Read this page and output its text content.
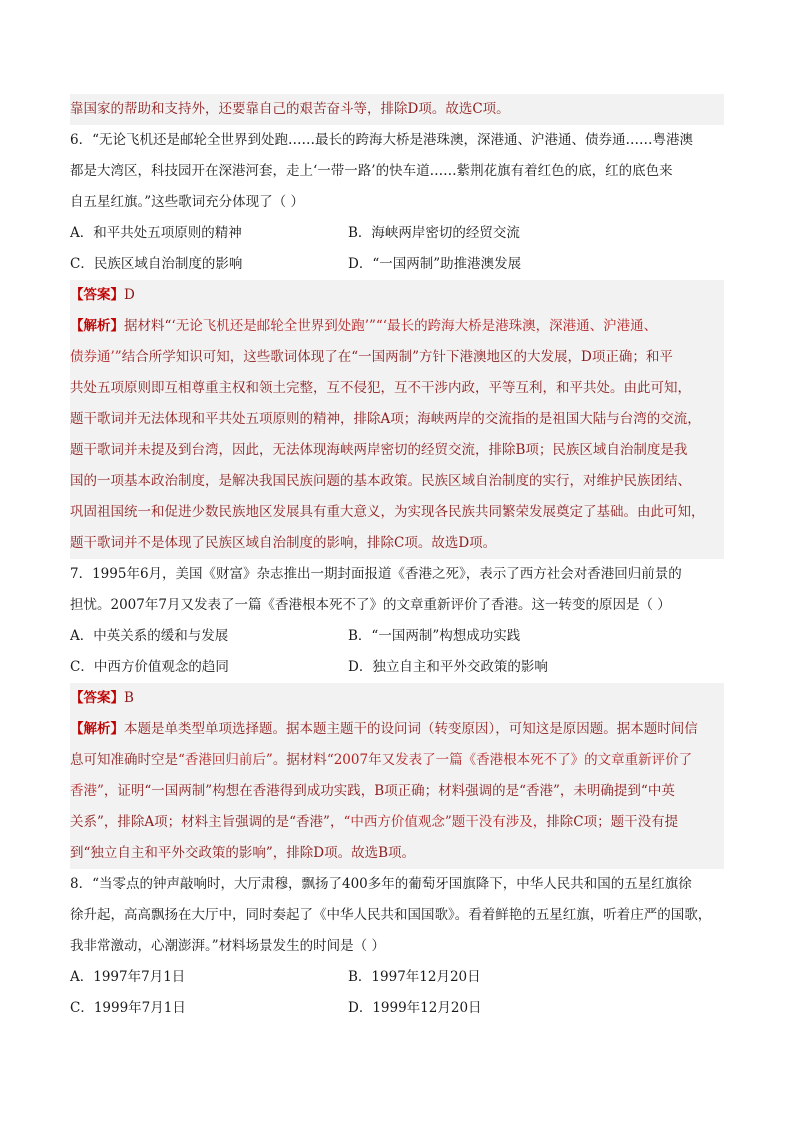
靠国家的帮助和支持外，还要靠自己的艰苦奋斗等，排除D项。故选C项。
6．“无论飞机还是邮轮全世界到处跑……最长的跨海大桥是港珠澳，深港通、沪港通、债券通……粤港澳
都是大湾区，科技园开在深港河套，走上‘一带一路’的快车道……紫荆花旗有着红色的底，红的底色来
自五星红旗。”这些歌词充分体现了（ ）
A．和平共处五项原则的精神	B．海峡两岸密切的经贸交流
C．民族区域自治制度的影响	D．“一国两制”助推港澳发展
【答案】D
【解析】据材料“‘无论飞机还是邮轮全世界到处跑’”“‘最长的跨海大桥是港珠澳，深港通、沪港通、
债券通’”结合所学知识可知，这些歌词体现了在“一国两制”方针下港澳地区的大发展，D项正确；和平
共处五项原则即互相尊重主权和领土完整，互不侵犯，互不干涉内政，平等互利，和平共处。由此可知，
题干歌词并无法体现和平共处五项原则的精神，排除A项；海峡两岸的交流指的是祖国大陆与台湾的交流，
题干歌词并未提及到台湾，因此，无法体现海峡两岸密切的经贸交流，排除B项；民族区域自治制度是我
国的一项基本政治制度，是解决我国民族问题的基本政策。民族区域自治制度的实行，对维护民族团结、
巩固祖国统一和促进少数民族地区发展具有重大意义，为实现各民族共同繁荣发展奠定了基础。由此可知，
题干歌词并不是体现了民族区域自治制度的影响，排除C项。故选D项。
7．1995年6月，美国《财富》杂志推出一期封面报道《香港之死》，表示了西方社会对香港回归前景的
担忧。2007年7月又发表了一篇《香港根本死不了》的文章重新评价了香港。这一转变的原因是（ ）
A．中英关系的缓和与发展	B．“一国两制”构想成功实践
C．中西方价值观念的趋同	D．独立自主和平外交政策的影响
【答案】B
【解析】本题是单类型单项选择题。据本题主题干的设问词（转变原因），可知这是原因题。据本题时间信
息可知准确时空是“香港回归前后”。据材料“2007年又发表了一篇《香港根本死不了》的文章重新评价了
香港”，证明“一国两制”构想在香港得到成功实践，B项正确；材料强调的是“香港”，未明确提到“中英
关系”，排除A项；材料主旨强调的是“香港”，“中西方价值观念”题干没有涉及，排除C项；题干没有提
到“独立自主和平外交政策的影响”，排除D项。故选B项。
8．“当零点的钟声敲响时，大厅肃穆，飘扬了400多年的葡萄牙国旗降下，中华人民共和国的五星红旗徐
徐升起，高高飘扬在大厅中，同时奏起了《中华人民共和国国歌》。看着鲜艳的五星红旗，听着庄严的国歌，
我非常激动，心潮澎湃。”材料场景发生的时间是（ ）
A．1997年7月1日	B．1997年12月20日
C．1999年7月1日	D．1999年12月20日
